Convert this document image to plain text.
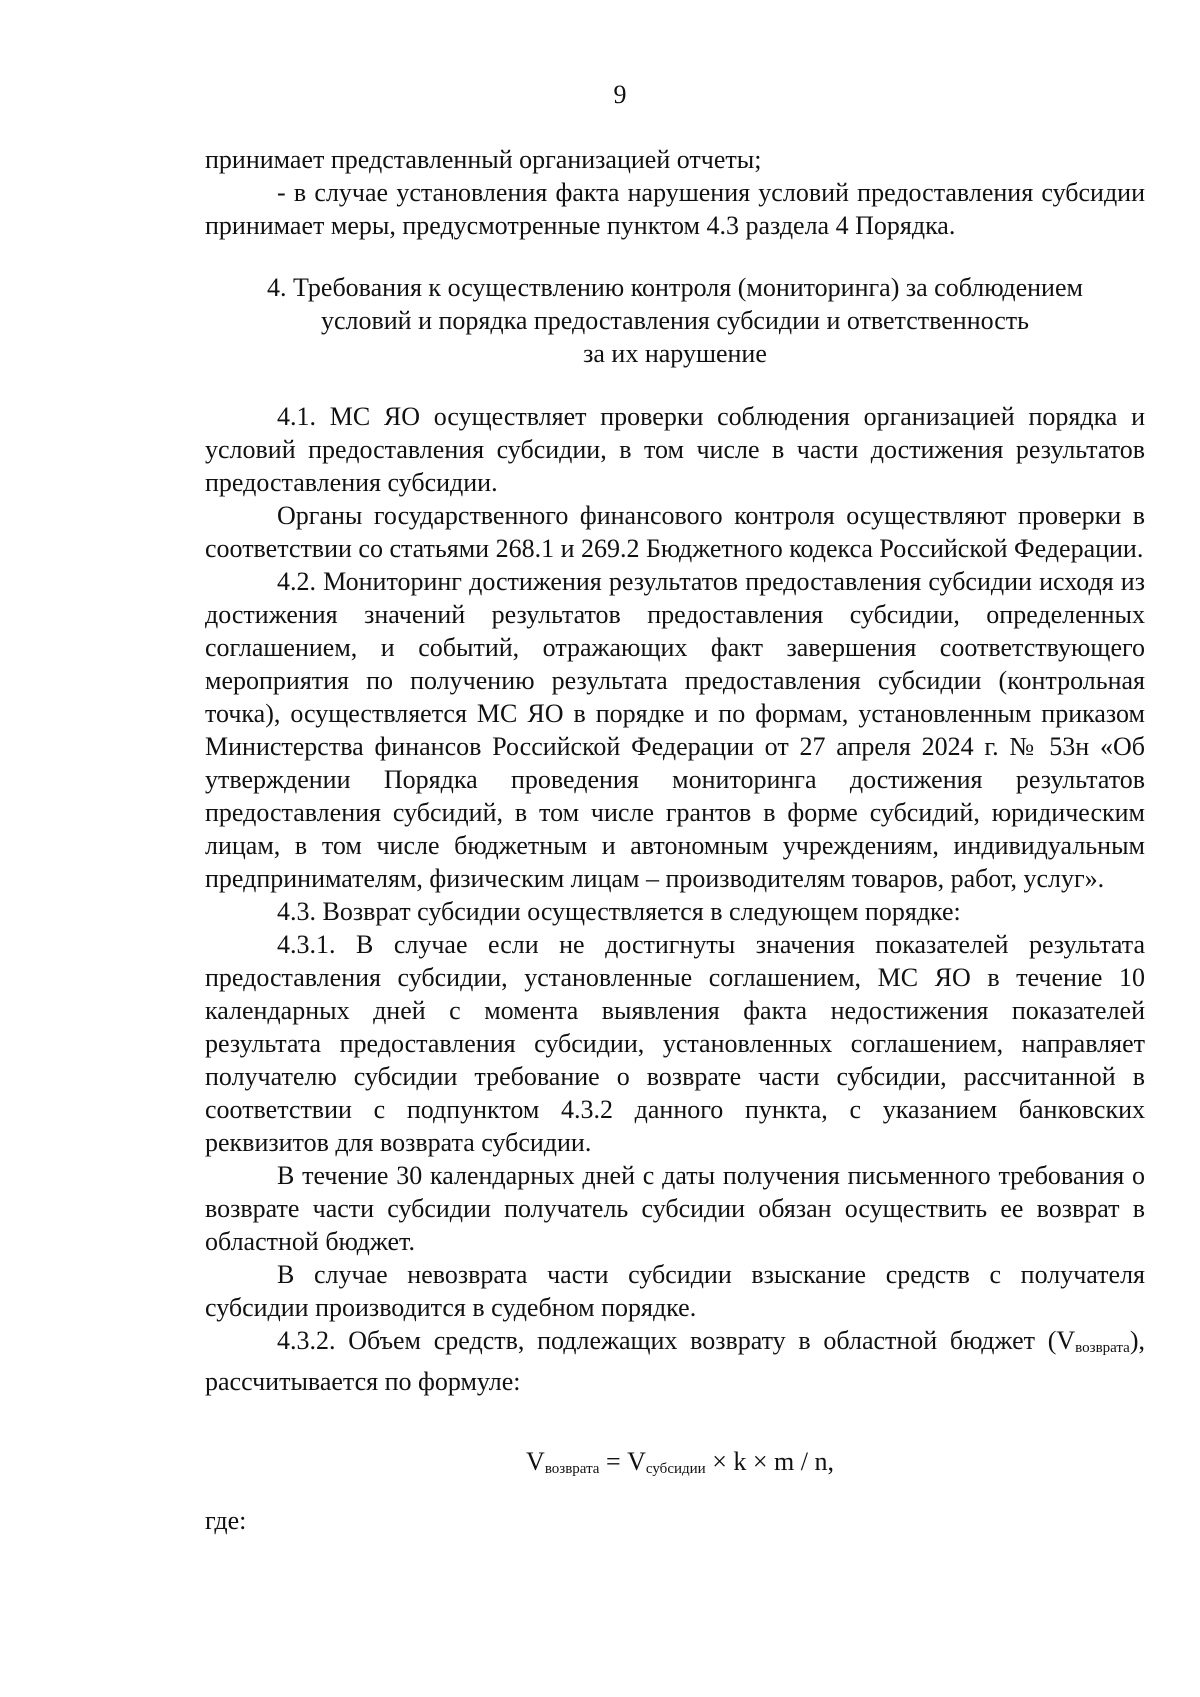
9

принимает представленный организацией отчеты;

- в случае установления факта нарушения условий предоставления субсидии принимает меры, предусмотренные пунктом 4.3 раздела 4 Порядка.

4. Требования к осуществлению контроля (мониторинга) за соблюдением
условий и порядка предоставления субсидии и ответственность
за их нарушение

4.1. МС ЯО осуществляет проверки соблюдения организацией порядка и условий предоставления субсидии, в том числе в части достижения результатов предоставления субсидии.

Органы государственного финансового контроля осуществляют проверки в соответствии со статьями 268.1 и 269.2 Бюджетного кодекса Российской Федерации.

4.2. Мониторинг достижения результатов предоставления субсидии исходя из достижения значений результатов предоставления субсидии, определенных соглашением, и событий, отражающих факт завершения соответствующего мероприятия по получению результата предоставления субсидии (контрольная точка), осуществляется МС ЯО в порядке и по формам, установленным приказом Министерства финансов Российской Федерации от 27 апреля 2024 г. № 53н «Об утверждении Порядка проведения мониторинга достижения результатов предоставления субсидий, в том числе грантов в форме субсидий, юридическим лицам, в том числе бюджетным и автономным учреждениям, индивидуальным предпринимателям, физическим лицам – производителям товаров, работ, услуг».

4.3. Возврат субсидии осуществляется в следующем порядке:

4.3.1. В случае если не достигнуты значения показателей результата предоставления субсидии, установленные соглашением, МС ЯО в течение 10 календарных дней с момента выявления факта недостижения показателей результата предоставления субсидии, установленных соглашением, направляет получателю субсидии требование о возврате части субсидии, рассчитанной в соответствии с подпунктом 4.3.2 данного пункта, с указанием банковских реквизитов для возврата субсидии.

В течение 30 календарных дней с даты получения письменного требования о возврате части субсидии получатель субсидии обязан осуществить ее возврат в областной бюджет.

В случае невозврата части субсидии взыскание средств с получателя субсидии производится в судебном порядке.

4.3.2. Объем средств, подлежащих возврату в областной бюджет (Vвозврата), рассчитывается по формуле:

$V_{возврата} = V_{субсидии} \times k \times m / n$,

где:
